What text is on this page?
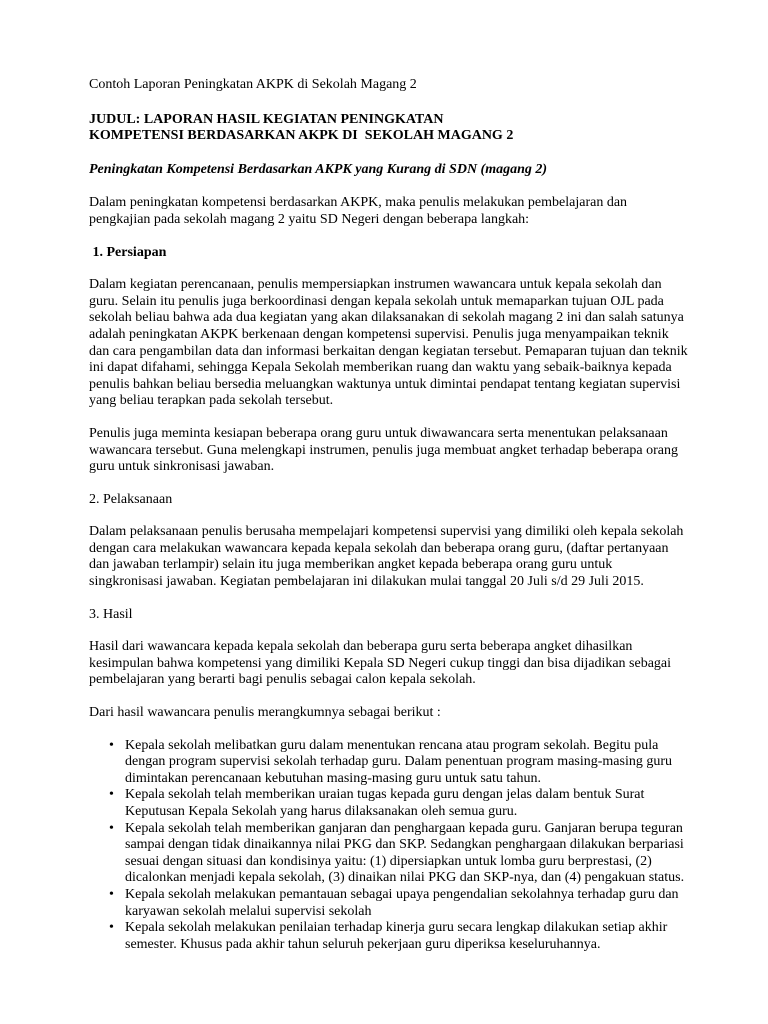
Contoh Laporan Peningkatan AKPK di Sekolah Magang 2

JUDUL: LAPORAN HASIL KEGIATAN PENINGKATAN
KOMPETENSI BERDASARKAN AKPK DI  SEKOLAH MAGANG 2

Peningkatan Kompetensi Berdasarkan AKPK yang Kurang di SDN (magang 2)

Dalam peningkatan kompetensi berdasarkan AKPK, maka penulis melakukan pembelajaran dan pengkajian pada sekolah magang 2 yaitu SD Negeri dengan beberapa langkah:

1. Persiapan

Dalam kegiatan perencanaan, penulis mempersiapkan instrumen wawancara untuk kepala sekolah dan guru. Selain itu penulis juga berkoordinasi dengan kepala sekolah untuk memaparkan tujuan OJL pada sekolah beliau bahwa ada dua kegiatan yang akan dilaksanakan di sekolah magang 2 ini dan salah satunya adalah peningkatan AKPK berkenaan dengan kompetensi supervisi. Penulis juga menyampaikan teknik dan cara pengambilan data dan informasi berkaitan dengan kegiatan tersebut. Pemaparan tujuan dan teknik ini dapat difahami, sehingga Kepala Sekolah memberikan ruang dan waktu yang sebaik-baiknya kepada penulis bahkan beliau bersedia meluangkan waktunya untuk dimintai pendapat tentang kegiatan supervisi yang beliau terapkan pada sekolah tersebut.

Penulis juga meminta kesiapan beberapa orang guru untuk diwawancara serta menentukan pelaksanaan wawancara tersebut. Guna melengkapi instrumen, penulis juga membuat angket terhadap beberapa orang guru untuk sinkronisasi jawaban.

2. Pelaksanaan

Dalam pelaksanaan penulis berusaha mempelajari kompetensi supervisi yang dimiliki oleh kepala sekolah dengan cara melakukan wawancara kepada kepala sekolah dan beberapa orang guru, (daftar pertanyaan dan jawaban terlampir) selain itu juga memberikan angket kepada beberapa orang guru untuk singkronisasi jawaban. Kegiatan pembelajaran ini dilakukan mulai tanggal 20 Juli s/d 29 Juli 2015.

3. Hasil

Hasil dari wawancara kepada kepala sekolah dan beberapa guru serta beberapa angket dihasilkan kesimpulan bahwa kompetensi yang dimiliki Kepala SD Negeri cukup tinggi dan bisa dijadikan sebagai pembelajaran yang berarti bagi penulis sebagai calon kepala sekolah.

Dari hasil wawancara penulis merangkumnya sebagai berikut :

• Kepala sekolah melibatkan guru dalam menentukan rencana atau program sekolah. Begitu pula dengan program supervisi sekolah terhadap guru. Dalam penentuan program masing-masing guru dimintakan perencanaan kebutuhan masing-masing guru untuk satu tahun.
• Kepala sekolah telah memberikan uraian tugas kepada guru dengan jelas dalam bentuk Surat Keputusan Kepala Sekolah yang harus dilaksanakan oleh semua guru.
• Kepala sekolah telah memberikan ganjaran dan penghargaan kepada guru. Ganjaran berupa teguran sampai dengan tidak dinaikannya nilai PKG dan SKP. Sedangkan penghargaan dilakukan berpariasi sesuai dengan situasi dan kondisinya yaitu: (1) dipersiapkan untuk lomba guru berprestasi, (2) dicalonkan menjadi kepala sekolah, (3) dinaikan nilai PKG dan SKP-nya, dan (4) pengakuan status.
• Kepala sekolah melakukan pemantauan sebagai upaya pengendalian sekolahnya terhadap guru dan karyawan sekolah melalui supervisi sekolah
• Kepala sekolah melakukan penilaian terhadap kinerja guru secara lengkap dilakukan setiap akhir semester. Khusus pada akhir tahun seluruh pekerjaan guru diperiksa keseluruhannya.
